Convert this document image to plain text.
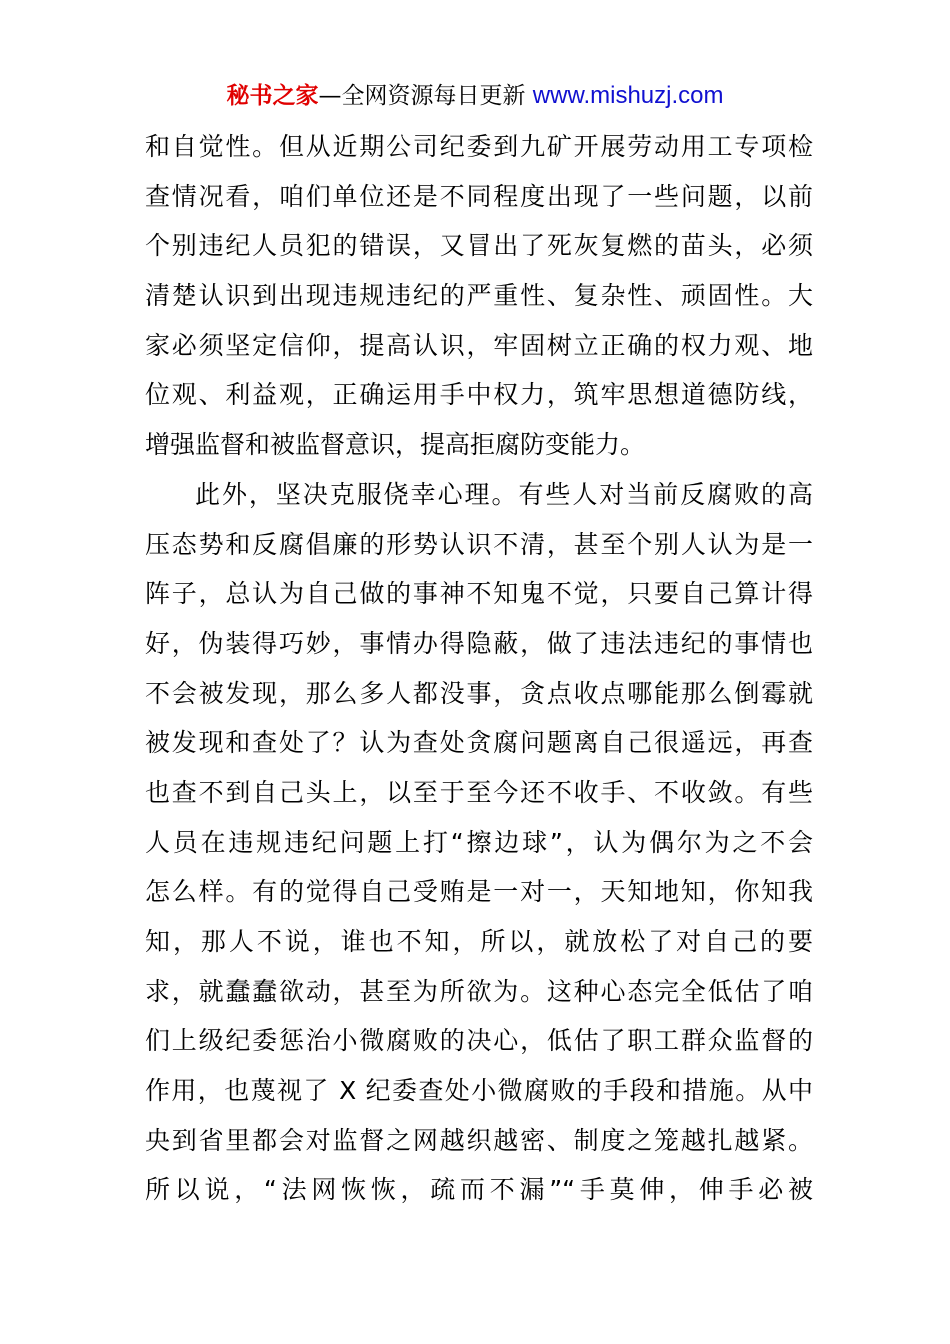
秘书之家—全网资源每日更新 www.mishuzj.com
和自觉性。但从近期公司纪委到九矿开展劳动用工专项检
查情况看，咱们单位还是不同程度出现了一些问题，以前
个别违纪人员犯的错误，又冒出了死灰复燃的苗头，必须
清楚认识到出现违规违纪的严重性、复杂性、顽固性。大
家必须坚定信仰，提高认识，牢固树立正确的权力观、地
位观、利益观，正确运用手中权力，筑牢思想道德防线，
增强监督和被监督意识，提高拒腐防变能力。
此外，坚决克服侥幸心理。有些人对当前反腐败的高
压态势和反腐倡廉的形势认识不清，甚至个别人认为是一
阵子，总认为自己做的事神不知鬼不觉，只要自己算计得
好，伪装得巧妙，事情办得隐蔽，做了违法违纪的事情也
不会被发现，那么多人都没事，贪点收点哪能那么倒霉就
被发现和查处了？认为查处贪腐问题离自己很遥远，再查
也查不到自己头上，以至于至今还不收手、不收敛。有些
人员在违规违纪问题上打“擦边球”，认为偶尔为之不会
怎么样。有的觉得自己受贿是一对一，天知地知，你知我
知，那人不说，谁也不知，所以，就放松了对自己的要
求，就蠢蠢欲动，甚至为所欲为。这种心态完全低估了咱
们上级纪委惩治小微腐败的决心，低估了职工群众监督的
作用，也蔑视了 X 纪委查处小微腐败的手段和措施。从中
央到省里都会对监督之网越织越密、制度之笼越扎越紧。
所以说，“法网恢恢，疏而不漏”“手莫伸，伸手必被
